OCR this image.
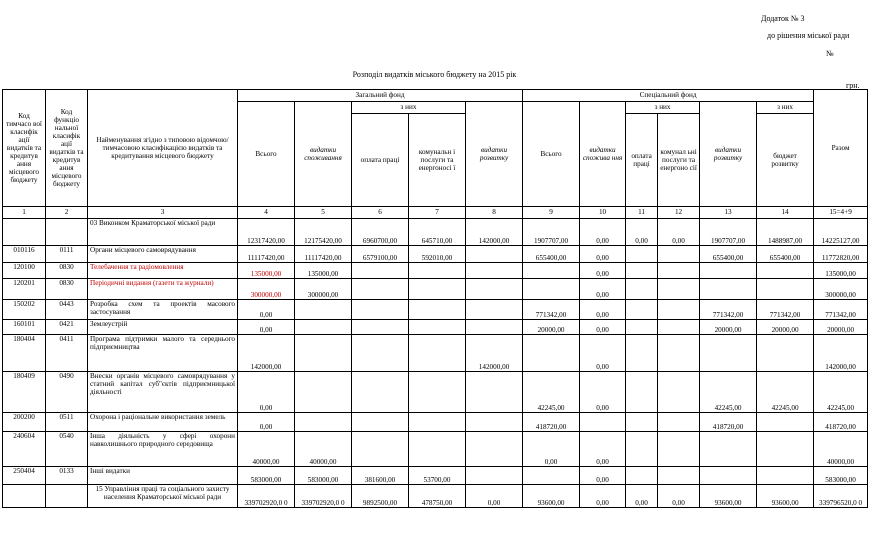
Додаток № 3
до рішення міської ради
№
Розподіл видатків міського бюджету на 2015 рік
грн.
Код тимчасо вої класифік ації видатків та кредитув ання місцевого бюджету	Код функціо нальної класифік ації видатків та кредитув ання місцевого бюджету	Найменування згідно з типовою відомчою/ тимчасовою класифікацією видатків та кредитування місцевого бюджету	Загальний фонд					Спеціальний фонд						Разом
			Всього	видатки споживання	з них		видатки розвитку	Всього	видатки спожива ння	з них		видатки розвитку	з них	
					оплата праці	комунальн і послуги та енергоносі ї				оплата праці	комунал ьні послуги та енергоно сії		бюджет розвитку	
1	2	3	4	5	6	7	8	9	10	11	12	13	14	15=4+9
		03 Виконком Краматорської міської ради	12317420,00	12175420,00	6960700,00	645710,00	142000,00	1907707,00	0,00	0,00	0,00	1907707,00	1488987,00	14225127,00
010116	0111	Органи місцевого самоврядування	11117420,00	11117420,00	6579100,00	592010,00		655400,00	0,00			655400,00	655400,00	11772820,00
120100	0830	Телебачення та радіомовлення	135000,00	135000,00					0,00					135000,00
120201	0830	Періодичні видання (газети та журнали)	300000,00	300000,00					0,00					300000,00
150202	0443	Розробка схем та проектів масового застосування	0,00					771342,00	0,00			771342,00	771342,00	771342,00
160101	0421	Землеустрій	0,00					20000,00	0,00			20000,00	20000,00	20000,00
180404	0411	Програма підтримки малого та середнього підприємництва	142000,00				142000,00		0,00					142000,00
180409	0490	Внески органів місцевого самоврядування у статний капітал суб"єктів підприємницької діяльності	0,00					42245,00	0,00			42245,00	42245,00	42245,00
200200	0511	Охорона і раціональне використання земель	0,00					418720,00				418720,00		418720,00
240604	0540	Інша діяльність у сфері охорони навколишнього природного середовища	40000,00	40000,00				0,00	0,00					40000,00
250404	0133	Інші видатки	583000,00	583000,00	381600,00	53700,00			0,00					583000,00
		15 Управління праці та соціального захисту населення Краматорської міської ради	339702920,0 0	339702920,0 0	9892500,00	478750,00	0,00	93600,00	0,00	0,00	0,00	93600,00	93600,00	339796520,0 0
